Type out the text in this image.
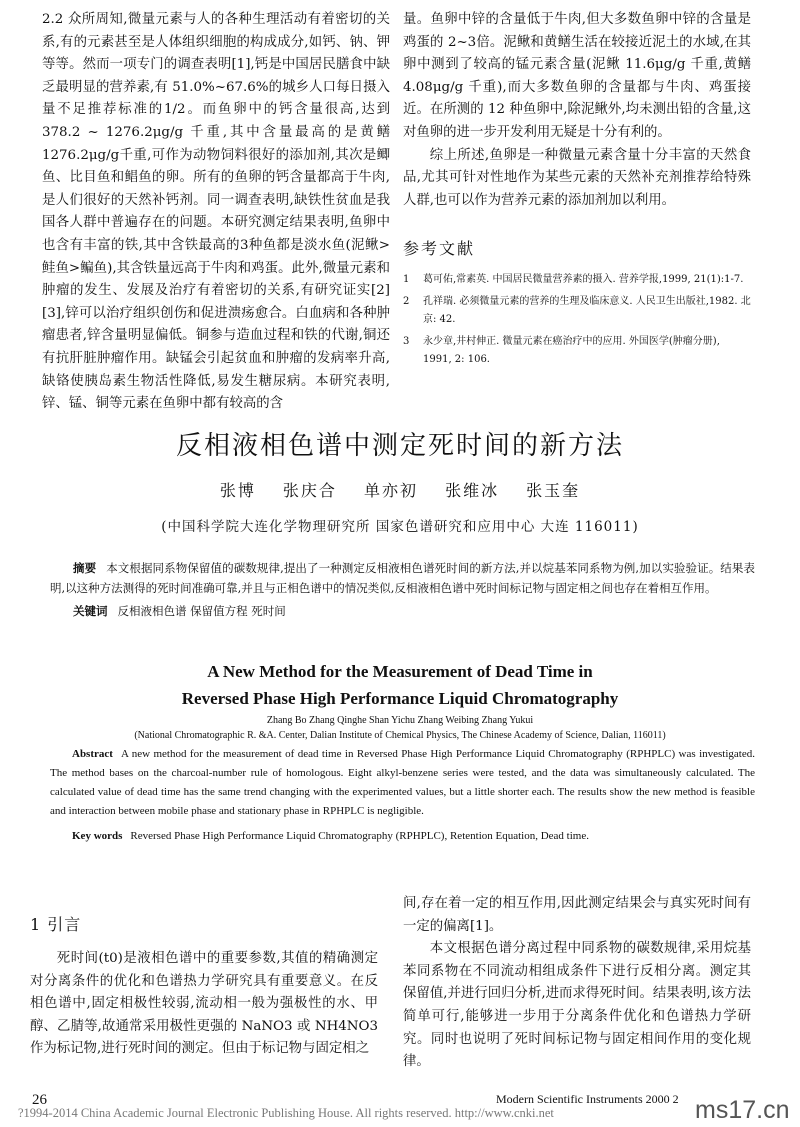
2.2 众所周知,微量元素与人的各种生理活动有着密切的关系,有的元素甚至是人体组织细胞的构成成分,如钙、钠、钾等等。然而一项专门的调查表明[1],钙是中国居民膳食中缺乏最明显的营养素,有 51.0%~67.6%的城乡人口每日摄入量不足推荐标准的1/2。而鱼卵中的钙含量很高,达到 378.2 ~ 1276.2μg/g 千重,其中含量最高的是黄鳝1276.2μg/g千重,可作为动物饲料很好的添加剂,其次是鲫鱼、比目鱼和鲳鱼的卵。所有的鱼卵的钙含量都高于牛肉,是人们很好的天然补钙剂。同一调查表明,缺铁性贫血是我国各人群中普遍存在的问题。本研究测定结果表明,鱼卵中也含有丰富的铁,其中含铁最高的3种鱼都是淡水鱼(泥鳅>鲑鱼>鳊鱼),其含铁量远高于牛肉和鸡蛋。此外,微量元素和肿瘤的发生、发展及治疗有着密切的关系,有研究证实[2][3],锌可以治疗组织创伤和促进溃疡愈合。白血病和各种肿瘤患者,锌含量明显偏低。铜参与造血过程和铁的代谢,铜还有抗肝脏肿瘤作用。缺锰会引起贫血和肿瘤的发病率升高,缺铬使胰岛素生物活性降低,易发生糖尿病。本研究表明,锌、锰、铜等元素在鱼卵中都有较高的含

量。鱼卵中锌的含量低于牛肉,但大多数鱼卵中锌的含量是鸡蛋的 2~3倍。泥鳅和黄鳝生活在较接近泥土的水域,在其卵中测到了较高的锰元素含量(泥鳅 11.6μg/g 千重,黄鳝 4.08μg/g 千重),而大多数鱼卵的含量都与牛肉、鸡蛋接近。在所测的 12 种鱼卵中,除泥鳅外,均未测出铅的含量,这对鱼卵的进一步开发利用无疑是十分有利的。

综上所述,鱼卵是一种微量元素含量十分丰富的天然食品,尤其可针对性地作为某些元素的天然补充剂推荐给特殊人群,也可以作为营养元素的添加剂加以利用。

参考文献
1	葛可佑,常素英. 中国居民微量营养素的摄入. 营养学报,1999, 21(1):1-7.
2	孔祥瑞. 必须微量元素的营养的生理及临床意义. 人民卫生出版社,1982. 北京: 42.
3	永少章,井村伸正. 微量元素在癌治疗中的应用. 外国医学(肿瘤分册), 1991, 2: 106.
反相液相色谱中测定死时间的新方法
张博 张庆合 单亦初 张维冰 张玉奎
(中国科学院大连化学物理研究所 国家色谱研究和应用中心 大连 116011)

摘要 本文根据同系物保留值的碳数规律,提出了一种测定反相液相色谱死时间的新方法,并以烷基苯同系物为例,加以实验验证。结果表明,以这种方法测得的死时间准确可靠,并且与正相色谱中的情况类似,反相液相色谱中死时间标记物与固定相之间也存在着相互作用。

关键词 反相液相色谱 保留值方程 死时间

A New Method for the Measurement of Dead Time in
Reversed Phase High Performance Liquid Chromatography
Zhang Bo Zhang Qinghe Shan Yichu Zhang Weibing Zhang Yukui
(National Chromatographic R. &A. Center, Dalian Institute of Chemical Physics, The Chinese Academy of Science, Dalian, 116011)

Abstract A new method for the measurement of dead time in Reversed Phase High Performance Liquid Chromatography (RPHPLC) was investigated. The method bases on the charcoal-number rule of homologous. Eight alkyl-benzene series were tested, and the data was simultaneously calculated. The calculated value of dead time has the same trend changing with the experimented values, but a little shorter each. The results show the new method is feasible and interaction between mobile phase and stationary phase in RPHPLC is negligible.

Key words Reversed Phase High Performance Liquid Chromatography (RPHPLC), Retention Equation, Dead time.

1 引言

死时间(t0)是液相色谱中的重要参数,其值的精确测定对分离条件的优化和色谱热力学研究具有重要意义。在反相色谱中,固定相极性较弱,流动相一般为强极性的水、甲醇、乙腈等,故通常采用极性更强的 NaNO3 或 NH4NO3 作为标记物,进行死时间的测定。但由于标记物与固定相之

间,存在着一定的相互作用,因此测定结果会与真实死时间有一定的偏离[1]。

本文根据色谱分离过程中同系物的碳数规律,采用烷基苯同系物在不同流动相组成条件下进行反相分离。测定其保留值,并进行回归分析,进而求得死时间。结果表明,该方法简单可行,能够进一步用于分离条件优化和色谱热力学研究。同时也说明了死时间标记物与固定相间作用的变化规律。

26	Modern Scientific Instruments 2000 2
?1994-2014 China Academic Journal Electronic Publishing House. All rights reserved. http://www.cnki.net	ms17.cn
